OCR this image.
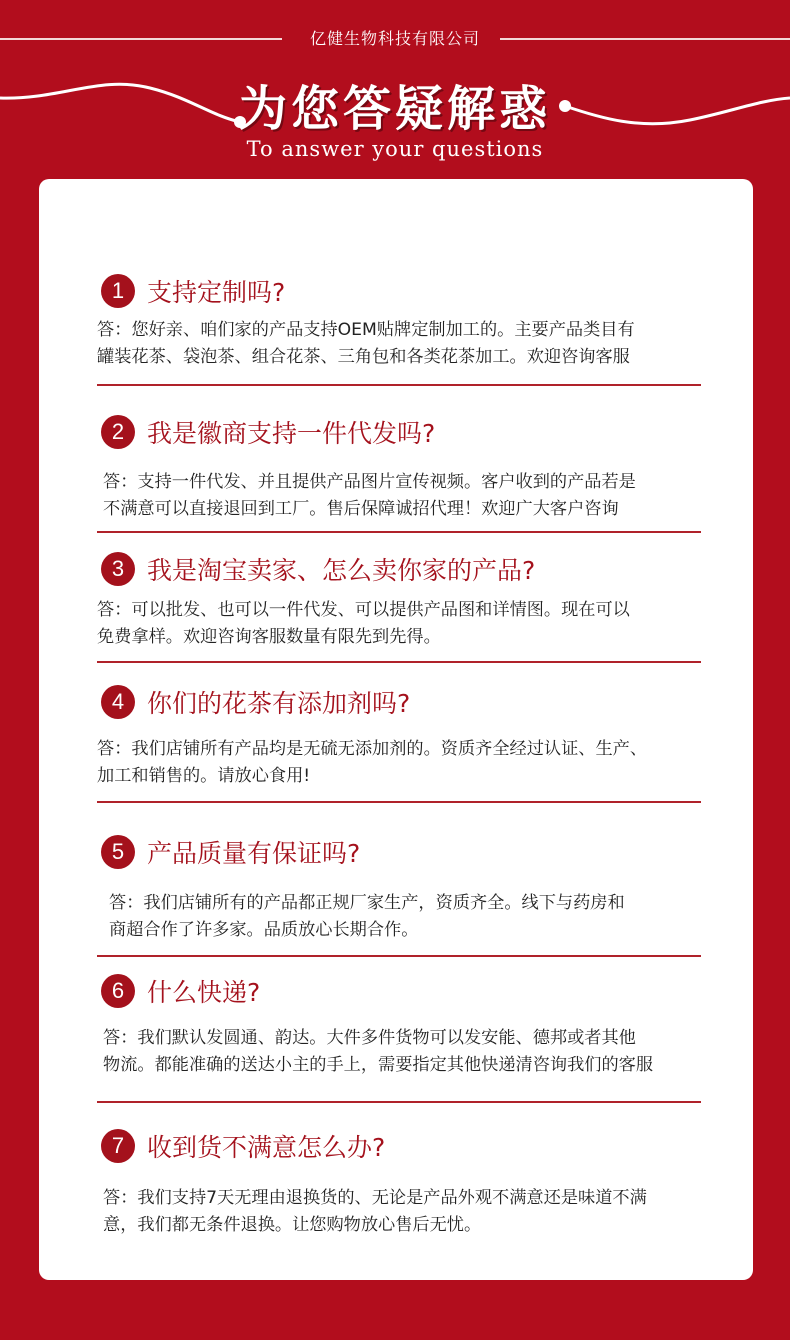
亿健生物科技有限公司
为您答疑解惑
To answer your questions
1 支持定制吗?
答：您好亲、咱们家的产品支持OEM贴牌定制加工的。主要产品类目有
罐装花茶、袋泡茶、组合花茶、三角包和各类花茶加工。欢迎咨询客服
2 我是徽商支持一件代发吗?
答：支持一件代发、并且提供产品图片宣传视频。客户收到的产品若是
不满意可以直接退回到工厂。售后保障诚招代理！欢迎广大客户咨询
3 我是淘宝卖家、怎么卖你家的产品?
答：可以批发、也可以一件代发、可以提供产品图和详情图。现在可以
免费拿样。欢迎咨询客服数量有限先到先得。
4 你们的花茶有添加剂吗?
答：我们店铺所有产品均是无硫无添加剂的。资质齐全经过认证、生产、
加工和销售的。请放心食用!
5 产品质量有保证吗?
答：我们店铺所有的产品都正规厂家生产，资质齐全。线下与药房和
商超合作了许多家。品质放心长期合作。
6 什么快递?
答：我们默认发圆通、韵达。大件多件货物可以发安能、德邦或者其他
物流。都能准确的送达小主的手上，需要指定其他快递清咨询我们的客服
7 收到货不满意怎么办?
答：我们支持7天无理由退换货的、无论是产品外观不满意还是味道不满
意，我们都无条件退换。让您购物放心售后无忧。
